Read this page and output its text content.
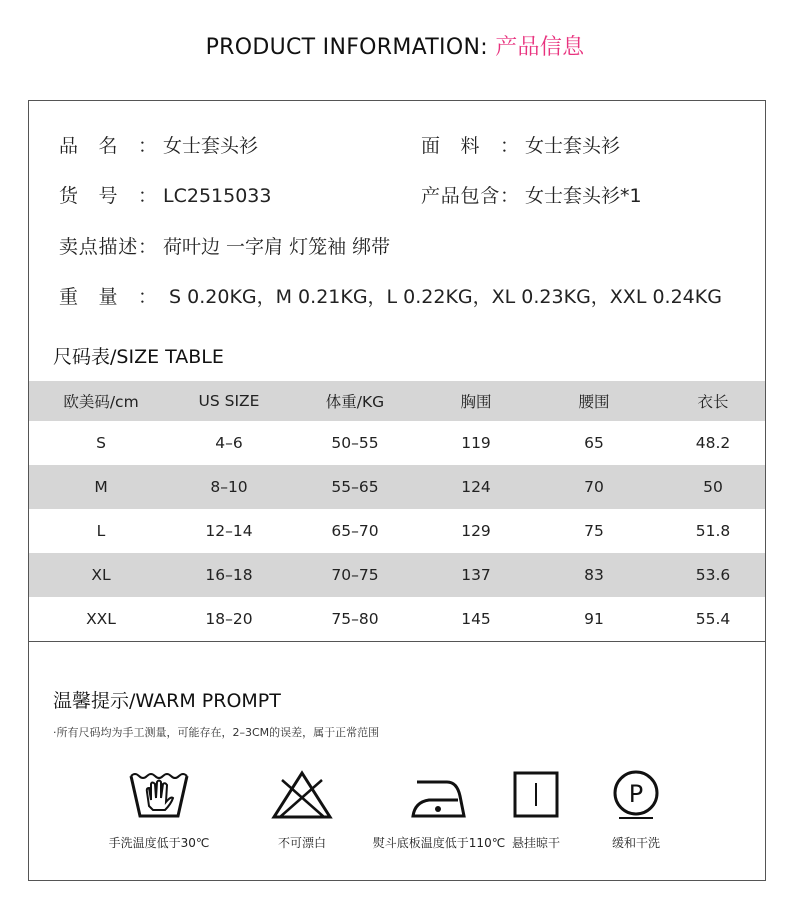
PRODUCT INFORMATION: 产品信息
品名： 女士套头衫	面料： 女士套头衫
货号： LC2515033	产品包含： 女士套头衫*1
卖点描述： 荷叶边 一字肩 灯笼袖 绑带
重量： S 0.20KG，M 0.21KG，L 0.22KG，XL 0.23KG，XXL 0.24KG
尺码表/SIZE TABLE
欧美码/cm	US SIZE	体重/KG	胸围	腰围	衣长
S	4–6	50–55	119	65	48.2
M	8–10	55–65	124	70	50
L	12–14	65–70	129	75	51.8
XL	16–18	70–75	137	83	53.6
XXL	18–20	75–80	145	91	55.4
温馨提示/WARM PROMPT
·所有尺码均为手工测量，可能存在，2–3CM的误差，属于正常范围
手洗温度低于30℃	不可漂白	熨斗底板温度低于110℃ 悬挂晾干
P
缓和干洗
